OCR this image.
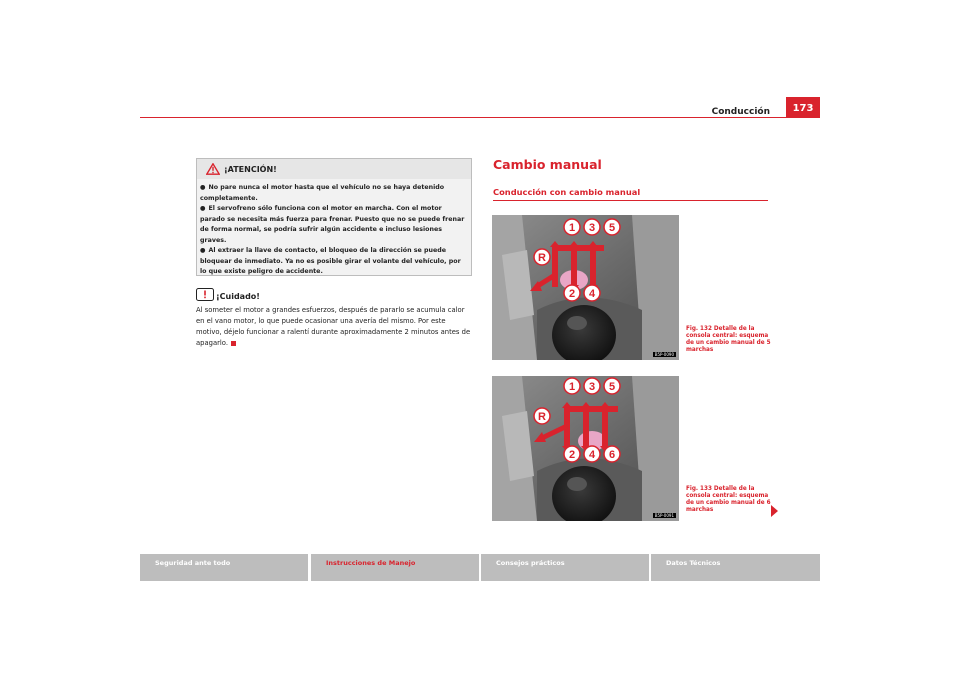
Conducción	173
¡ATENCIÓN!

● No pare nunca el motor hasta que el vehículo no se haya detenido completamente.

● El servofreno sólo funciona con el motor en marcha. Con el motor parado se necesita más fuerza para frenar. Puesto que no se puede frenar de forma normal, se podría sufrir algún accidente e incluso lesiones graves.

● Al extraer la llave de contacto, el bloqueo de la dirección se puede bloquear de inmediato. Ya no es posible girar el volante del vehículo, por lo que existe peligro de accidente.

¡Cuidado!
Al someter el motor a grandes esfuerzos, después de pararlo se acumula calor en el vano motor, lo que puede ocasionar una avería del mismo. Por este motivo, déjelo funcionar a ralentí durante aproximadamente 2 minutos antes de apagarlo.
Cambio manual
Conducción con cambio manual
1 3 5
R
2 4
B5P-0090
Fig. 132 Detalle de la consola central: esquema de un cambio manual de 5 marchas
1 3 5
R
2 4 6
B5P-0091
Fig. 133 Detalle de la consola central: esquema de un cambio manual de 6 marchas
Seguridad ante todo	Instrucciones de Manejo	Consejos prácticos	Datos Técnicos
